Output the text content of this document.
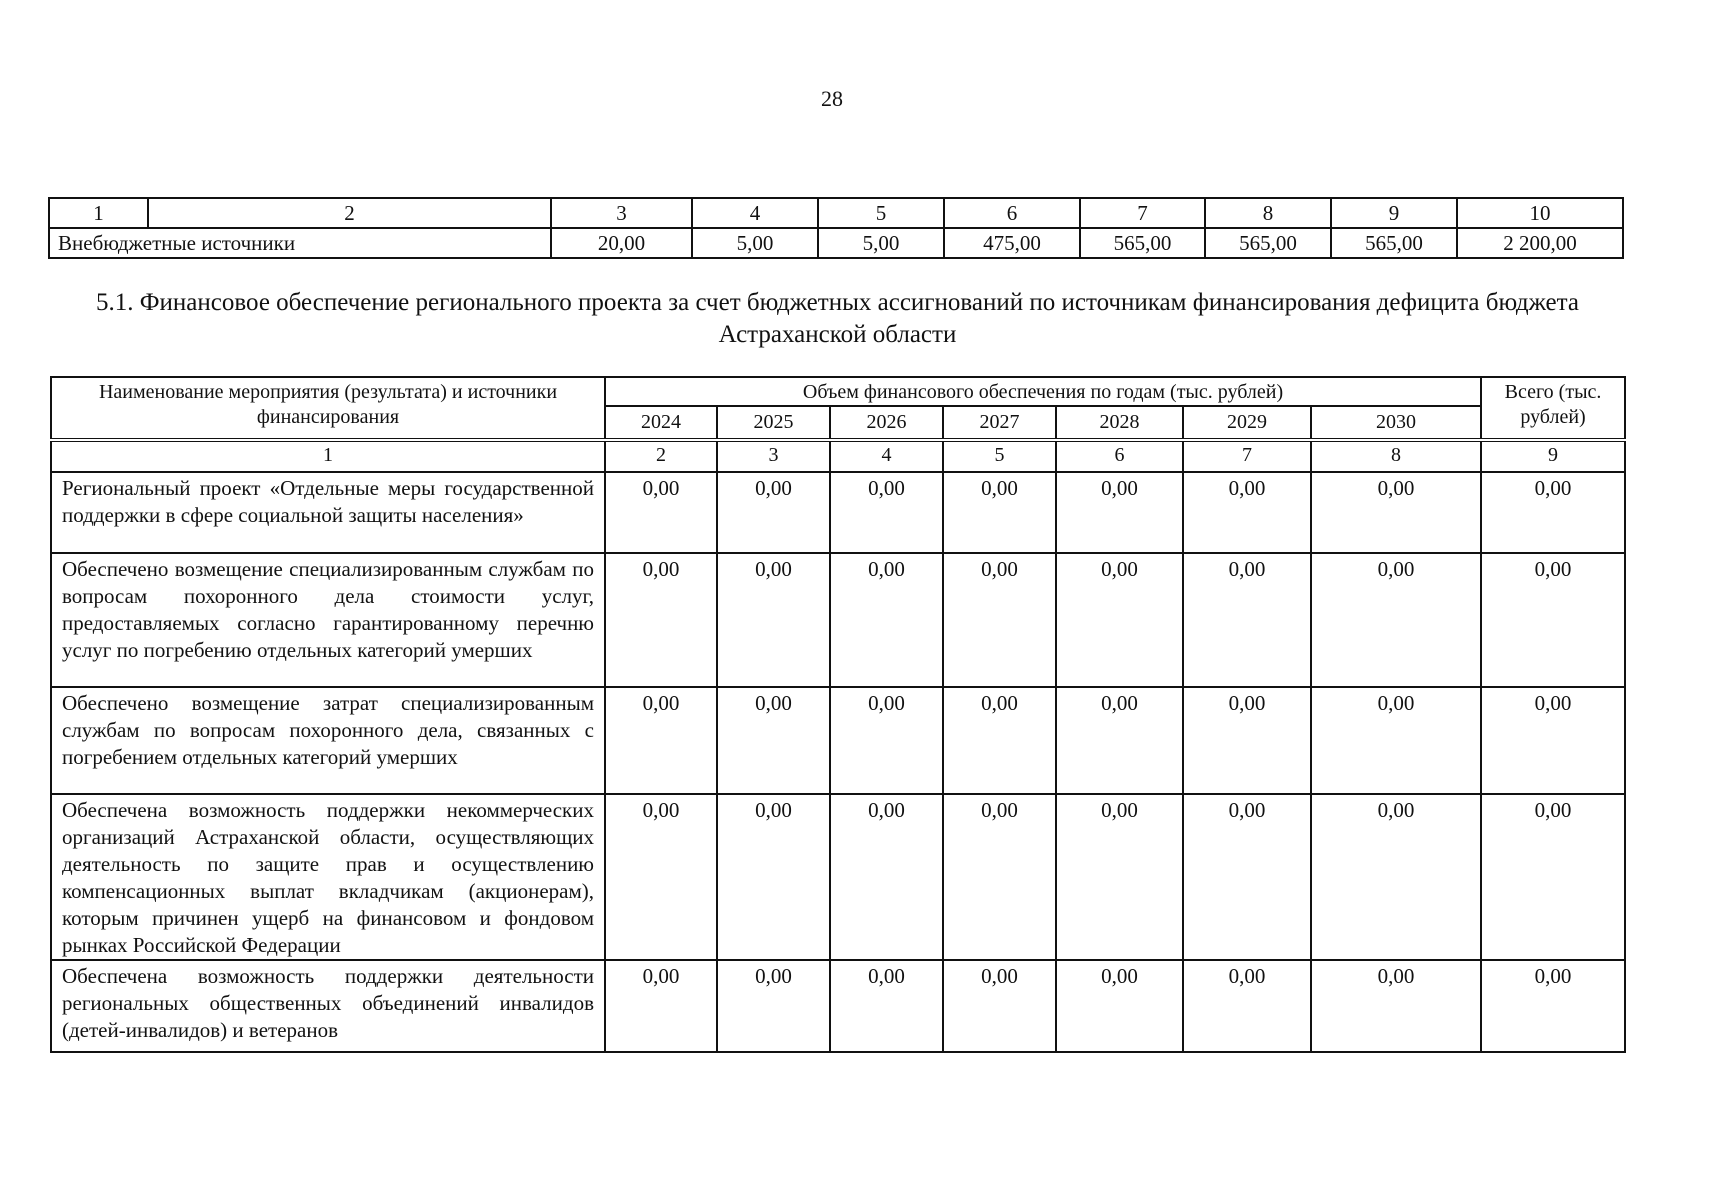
28
1	2	3	4	5	6	7	8	9	10
Внебюджетные источники		20,00	5,00	5,00	475,00	565,00	565,00	565,00	2 200,00
5.1. Финансовое обеспечение регионального проекта за счет бюджетных ассигнований по источникам финансирования дефицита бюджета Астраханской области
Наименование мероприятия (результата) и источники финансирования	Объем финансового обеспечения по годам (тыс. рублей)							Всего (тыс. рублей)
	2024	2025	2026	2027	2028	2029	2030	
1	2	3	4	5	6	7	8	9
Региональный проект «Отдельные меры государственной поддержки в сфере социальной защиты населения»	0,00	0,00	0,00	0,00	0,00	0,00	0,00	0,00
Обеспечено возмещение специализированным службам по вопросам похоронного дела стоимости услуг, предоставляемых согласно гарантированному перечню услуг по погребению отдельных категорий умерших	0,00	0,00	0,00	0,00	0,00	0,00	0,00	0,00
Обеспечено возмещение затрат специализированным службам по вопросам похоронного дела, связанных с погребением отдельных категорий умерших	0,00	0,00	0,00	0,00	0,00	0,00	0,00	0,00
Обеспечена возможность поддержки некоммерческих организаций Астраханской области, осуществляющих деятельность по защите прав и осуществлению компенсационных выплат вкладчикам (акционерам), которым причинен ущерб на финансовом и фондовом рынках Российской Федерации	0,00	0,00	0,00	0,00	0,00	0,00	0,00	0,00
Обеспечена возможность поддержки деятельности региональных общественных объединений инвалидов (детей-инвалидов) и ветеранов	0,00	0,00	0,00	0,00	0,00	0,00	0,00	0,00
